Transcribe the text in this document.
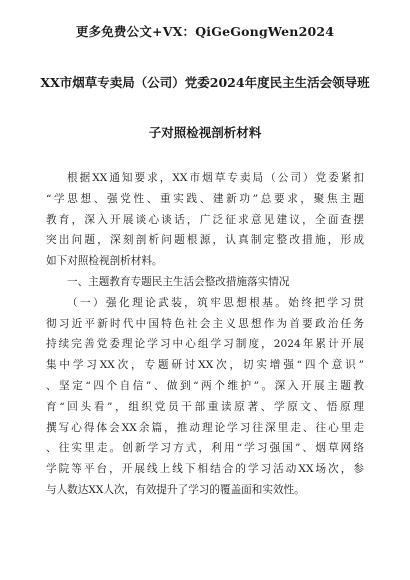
更多免费公文+VX：QiGeGongWen2024
XX市烟草专卖局（公司）党委2024年度民主生活会领导班
子对照检视剖析材料
根据XX通知要求，XX市烟草专卖局（公司）党委紧扣
“学思想、强党性、重实践、建新功”总要求，聚焦主题
教育，深入开展谈心谈话，广泛征求意见建议，全面查摆
突出问题，深刻剖析问题根源，认真制定整改措施，形成
如下对照检视剖析材料。
一、主题教育专题民主生活会整改措施落实情况
（一）强化理论武装，筑牢思想根基。始终把学习贯
彻习近平新时代中国特色社会主义思想作为首要政治任务
持续完善党委理论学习中心组学习制度，2024年累计开展
集中学习XX次，专题研讨XX次，切实增强“四个意识”
、坚定“四个自信”、做到“两个维护”。深入开展主题教
育“回头看”，组织党员干部重读原著、学原文、悟原理
撰写心得体会XX余篇，推动理论学习往深里走、往心里走
、往实里走。创新学习方式，利用“学习强国”、烟草网络
学院等平台，开展线上线下相结合的学习活动XX场次，参
与人数达XX人次，有效提升了学习的覆盖面和实效性。
